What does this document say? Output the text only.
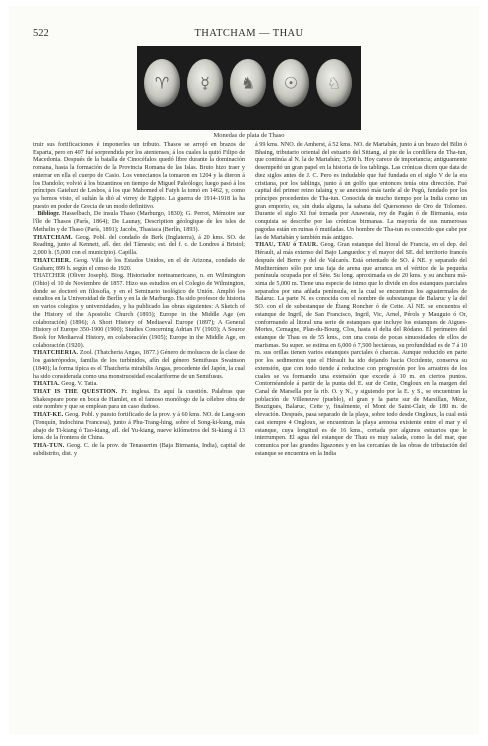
522	THATCHAM — THAU
♈ ☿ ♞ ☉ ♘
Monedas de plata de Thaso

truir sus fortificaciones é imponerles un tributo. Thasos se arrojó en brazos de Esparta, pero en 407 fué sorprendida por los atenienses, á los cuales la quitó Filipo de Macedonia. Después de la batalla de Cinocéfalos quedó libre durante la dominación romana, hasta la formación de la Provincia Romana de las Islas. Bruto hizo traer y enterrar en ella el cuerpo de Casio. Los venecianos la tomaron en 1204 y la dieron á los Dandolo; volvió á los bizantinos en tiempo de Miguel Paleólogo; luego pasó á los príncipes Gateluzi de Lesbos, á los que Mahomed el Fatyh la tomó en 1462, y, como ya hemos visto, el sultán la dió al virrey de Egipto. La guerra de 1914-1918 la ha puesto en poder de Grecia de un modo definitivo.

Bibliogr. Hasselbach, De insula Thaso (Marburgo, 1830); G. Perrot, Mémoire sur l'île de Thasos (París, 1864); De Launay, Description géologique de les isles de Methelin y de Thaso (París, 1891); Jacobs, Thasiaca (Berlín, 1893).

THATCHAM. Geog. Pobl. del condado de Berk (Inglaterra), á 20 kms. SO. de Reading, junto al Kennett, afl. der. del Támesis; est. del f. c. de Londres á Bristol; 2,000 h. (5,000 con el municipio). Capilla.

THATCHER. Geog. Villa de los Estados Unidos, en el de Arizona, condado de Graham; 899 h. según el censo de 1920.

THATCHER (Oliver Joseph). Biog. Historiador norteamericano, n. en Wilmington (Ohio) el 10 de Noviembre de 1857. Hizo sus estudios en el Colegio de Wilmington, donde se doctoró en filosofía, y en el Seminario teológico de Unión. Amplió los estudios en la Universidad de Berlín y en la de Marburgo. Ha sido profesor de historia en varios colegios y universidades, y ha publicado las obras siguientes: A Sketch of the History of the Apostolic Church (1893); Europe in the Middle Age (en colaboración) (1896); A Short History of Mediaeval Europe (1897); A General History of Europe 350-1900 (1900); Studies Concerning Adrian IV (1903); A Source Book for Mediaeval History, en colaboración (1905); Europe in the Middle Age, en colaboración (1920).

THATCHERIA. Zool. (Thatcheria Angas, 1877.) Género de moluscos de la clase de los gasterópodos, familia de los turbínidos, afín del género Semifusus Swainson (1840); la forma típica es el Thatcheria mirabilis Angas, procedente del Japón, la cual ha sido considerada como una monstruosidad escalariforme de un Semifusus.

THATIA. Geog. V. Tatia.

THAT IS THE QUESTION. Fr. inglesa. Es aquí la cuestión. Palabras que Shakespeare pone en boca de Hamlet, en el famoso monólogo de la célebre obra de este nombre y que se emplean para un caso dudoso.

THAT-KE. Geog. Pobl. y puesto fortificado de la prov. y á 60 kms. NO. de Lang-son (Tonquín, Indochina Francesa), junto á Phu-Trang-hing, sobre el Song-ki-kung, más abajo de Ti-kiang ó Tao-kiang, afl. del Yu-kiang, nueve kilómetros del Si-kiang á 13 kms. de la frontera de China.

THA-TUN. Geog. C. de la prov. de Tenasserim (Baja Birmania, India), capital de subdistrito, dist. y

á 99 kms. NNO. de Amherst, á 52 kms. NO. de Martabán, junto á un brazo del Bilin ó Bhaing, tributario oriental del estuario del Sittang, al pie de la cordillera de Tha-tun, que continúa al N. la de Martabán; 3,500 h. Hoy carece de importancia; antiguamente desempeñó un gran papel en la historia de los tablings. Las crónicas dicen que data de diez siglos antes de J. C. Pero es indudable que fué fundada en el siglo V de la era cristiana, por los tablings, junto á un golfo que entonces tenía otra dirección. Fué capital del primer reino talaing y se anexionó más tarde al de Pegú, fundado por los príncipes procedentes de Tha-tun. Conocida de mucho tiempo por la India como un gran emporio, es, sin duda alguna, la sabana del Quersoneso de Oro de Tolomeo. Durante el siglo XI fué tomada por Anawrata, rey de Pagán ó de Birmania, esta conquista se describe por las crónicas birmanas. La mayoría de sus numerosas pagodas están en ruinas ó mutiladas. Un hombre de Tha-tun es conocido que cabe por las de Martabán y también más antiguo.

THAU, TAU ó TAUR. Geog. Gran estanque del litoral de Francia, en el dep. del Hérault, al más extenso del Bajo Languedoc y el mayor del SE. del territorio francés después del Berre y del de Valcarés. Está orientado de SO. á NE. y separado del Mediterráneo sólo por una faja de arena que arranca en el vértice de la pequeña península ocupada por el Sète. Su long. aproximada es de 20 kms. y su anchura máxima de 5,000 m. Tiene una especie de istmo que lo divide en dos estanques parciales separados por una añlada península, en la cual se encuentran los aguatermales de Balaruc. La parte N. es conocida con el nombre de subestanque de Balaruc y la del SO. con el de subestanque de Étang Roncher ó de Cette. Al NE. se encuentra el estanque de Ingril, de San Francisco, Ingril, Vic, Arnel, Pérols y Mauguio ó Or, conformando al litoral una serie de estanques que incluye los estanques de Aigues-Mortes, Cemagne, Plan-du-Bourg, Clos, hasta el delta del Ródano. El perímetro del estanque de Thau es de 55 kms., con una costa de pocas sinuosidades de ellos de marismas. Su super. se estima en 6,000 ó 7,500 hectáreas, su profundidad es de 7 á 10 m. sus orillas tienen varios estanques parciales ó charcas. Aunque reducido en parte por los sedimentos que el Hérault ha ido dejando hacia Occidente, conserva su extensión, que con todo tiende á reducirse con progresión por los arrastres de los cuales se va formando una extensión que excede á 10 m. en ciertos puntos. Contornéandole á partir de la punta del E. sur de Cette, Ongloux en la margen del Canal de Marsella por la rib. O. y N., y siguiendo por la E. y S., se encuentran la población de Villeneuve (pueblo), el gran y la parte sur de Marsillan, Mèze, Bouzigues, Balaruc, Cette y, finalmente, el Mont de Saint-Clair, de 180 m. de elevación. Después, pasa separado de la playa, sobre todo desde Ongloux, la cual está casi siempre 4 Ongloux, se encuentran la playa arenosa existente entre el mar y el estanque, cuya longitud es de 16 kms., cortada por algunos estuarios que le interrumpen. El agua del estanque de Thau es muy salada, como la del mar, que comunica por las grandes ligazones y en las cercanías de las obras de tributación del estanque se encuentra en la India
